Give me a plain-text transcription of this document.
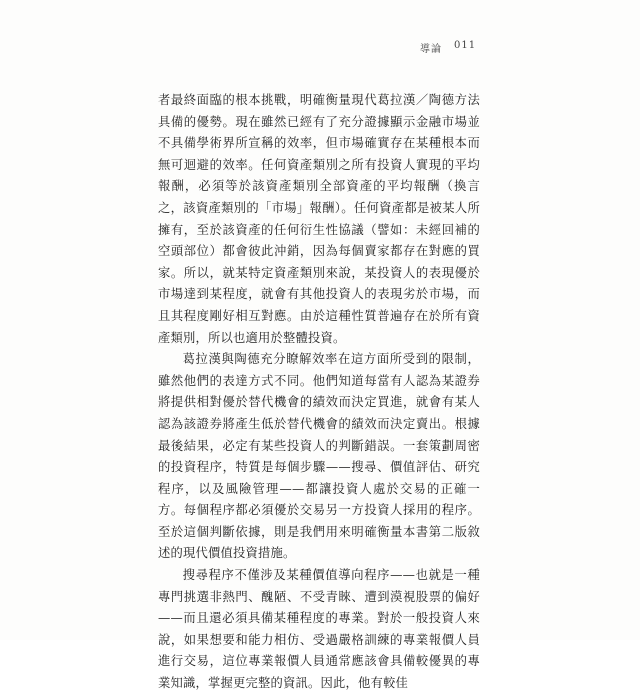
導論 011

者最終面臨的根本挑戰，明確衡量現代葛拉漢／陶德方法具備的優勢。現在雖然已經有了充分證據顯示金融市場並不具備學術界所宣稱的效率，但市場確實存在某種根本而無可迴避的效率。任何資產類別之所有投資人實現的平均報酬，必須等於該資產類別全部資產的平均報酬（換言之，該資產類別的「市場」報酬）。任何資產都是被某人所擁有，至於該資產的任何衍生性協議（譬如：未經回補的空頭部位）都會彼此沖銷，因為每個賣家都存在對應的買家。所以，就某特定資產類別來說，某投資人的表現優於市場達到某程度，就會有其他投資人的表現劣於市場，而且其程度剛好相互對應。由於這種性質普遍存在於所有資產類別，所以也適用於整體投資。

葛拉漢與陶德充分瞭解效率在這方面所受到的限制，雖然他們的表達方式不同。他們知道每當有人認為某證券將提供相對優於替代機會的績效而決定買進，就會有某人認為該證券將產生低於替代機會的績效而決定賣出。根據最後結果，必定有某些投資人的判斷錯誤。一套策劃周密的投資程序，特質是每個步驟——搜尋、價值評估、研究程序，以及風險管理——都讓投資人處於交易的正確一方。每個程序都必須優於交易另一方投資人採用的程序。至於這個判斷依據，則是我們用來明確衡量本書第二版敘述的現代價值投資措施。

搜尋程序不僅涉及某種價值導向程序——也就是一種專門挑選非熱門、醜陋、不受青睞、遭到漠視股票的偏好——而且還必須具備某種程度的專業。對於一般投資人來說，如果想要和能力相仿、受過嚴格訓練的專業報價人員進行交易，這位專業報價人員通常應該會具備較優異的專業知識，掌握更完整的資訊。因此，他有較佳
